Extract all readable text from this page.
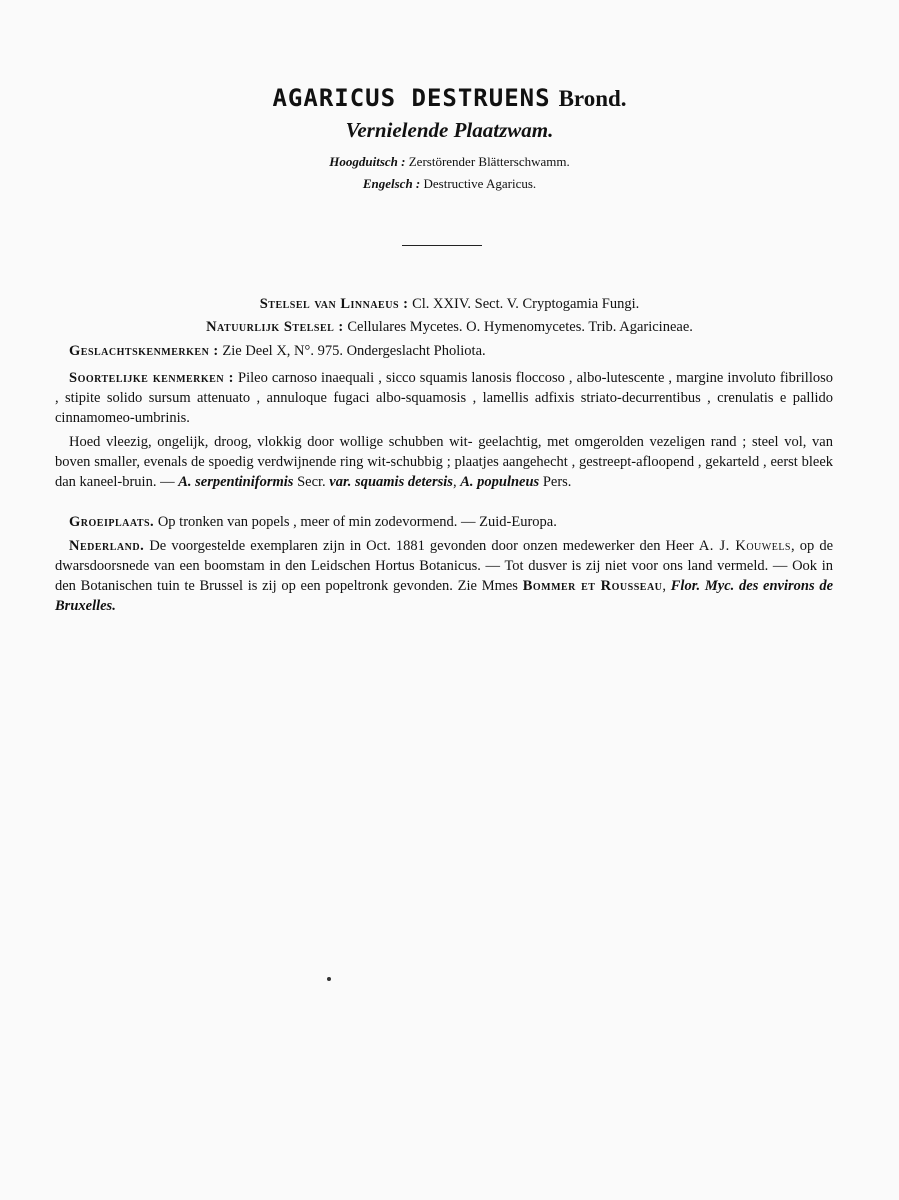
AGARICUS DESTRUENS Brond.
Vernielende Plaatzwam.
Hoogduitsch : Zerstörender Blätterschwamm.
Engelsch : Destructive Agaricus.
Stelsel van Linnaeus : Cl. XXIV. Sect. V. Cryptogamia Fungi.
Natuurlijk Stelsel : Cellulares Mycetes. O. Hymenomycetes. Trib. Agaricineae.
Geslachtskenmerken : Zie Deel X, N°. 975. Ondergeslacht Pholiota.

Soortelijke kenmerken : Pileo carnoso inaequali , sicco squamis lanosis floccoso , albo-lutescente , margine involuto fibrilloso , stipite solido sursum attenuato , annuloque fugaci albo-squamosis , lamellis adfixis striato-decurrentibus , crenulatis e pallido cinnamomeo-umbrinis.

Hoed vleezig, ongelijk, droog, vlokkig door wollige schubben wit- geelachtig, met omgerolden vezeligen rand ; steel vol, van boven smaller, evenals de spoedig verdwijnende ring wit-schubbig ; plaatjes aangehecht , gestreept-afloopend , gekarteld , eerst bleek dan kaneel-bruin. — A. serpentiniformis Secr. var. squamis detersis, A. populneus Pers.

Groeiplaats. Op tronken van popels , meer of min zodevormend. — Zuid-Europa.

Nederland. De voorgestelde exemplaren zijn in Oct. 1881 gevonden door onzen medewerker den Heer A. J. Kouwels, op de dwarsdoorsnede van een boomstam in den Leidschen Hortus Botanicus. — Tot dusver is zij niet voor ons land vermeld. — Ook in den Botanischen tuin te Brussel is zij op een popeltronk gevonden. Zie Mmes Bommer et Rousseau, Flor. Myc. des environs de Bruxelles.
